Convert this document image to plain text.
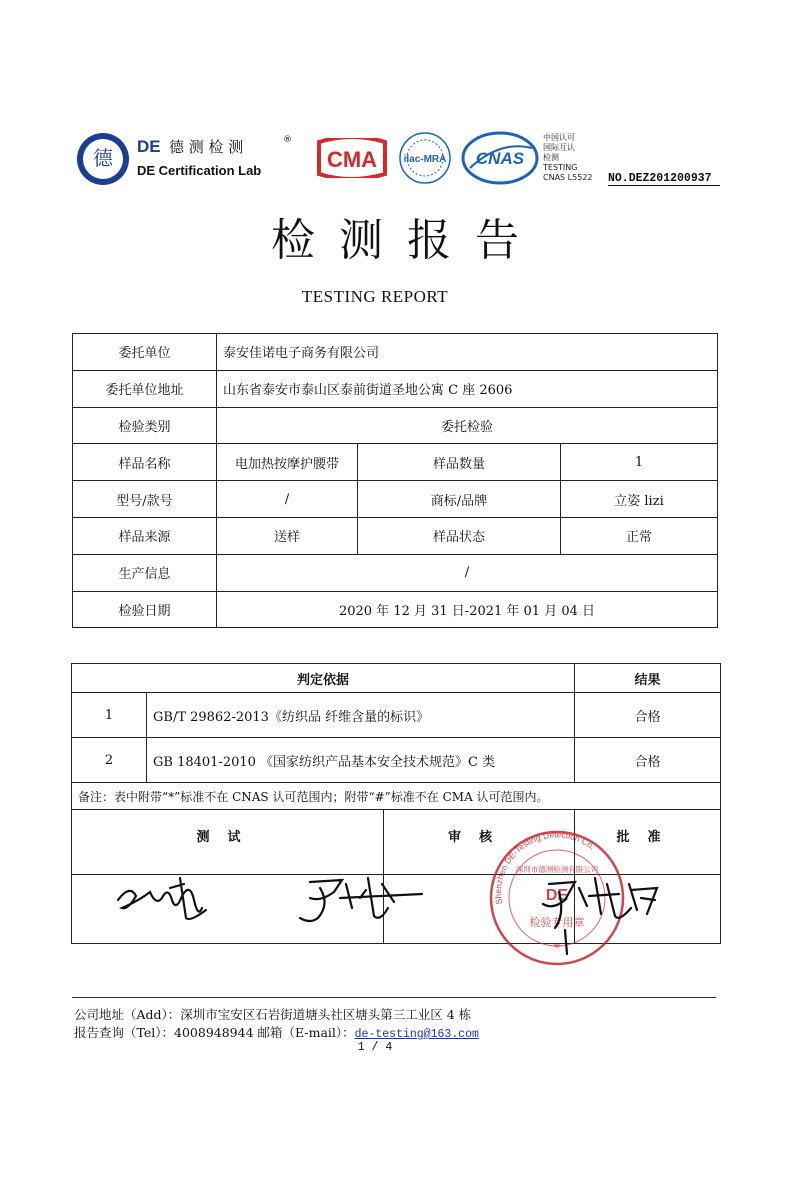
德 DE 德 测 检 测	®
DE Certification Lab	CMA	ilac-MRA CNAS
中国认可
国际互认
检测
TESTING
CNAS L5522 NO.DEZ201200937
检测报告
TESTING REPORT
委托单位	泰安佳诺电子商务有限公司		
委托单位地址	山东省泰安市泰山区泰前街道圣地公寓 C 座 2606		
检验类别	委托检验		
样品名称	电加热按摩护腰带	样品数量	1
型号/款号	/	商标/品牌	立姿 lizi
样品来源	送样	样品状态	正常
生产信息	/		
检验日期	2020 年 12 月 31 日-2021 年 01 月 04 日		
判定依据			结果
1	GB/T 29862-2013《纺织品 纤维含量的标识》		合格
2	GB 18401-2010 《国家纺织产品基本安全技术规范》C 类		合格
备注：表中附带“*”标准不在 CNAS 认可范围内；附带“#”标准不在 CMA 认可范围内。			
测试		审核	批准

Shenzhen DE-Testing Detection Co.
深圳市德测检测有限公司
DE
检验专用章
*
公司地址（Add）：深圳市宝安区石岩街道塘头社区塘头第三工业区 4 栋
报告查询（Tel）：4008948944 邮箱（E-mail）：de-testing@163.com
1 / 4
